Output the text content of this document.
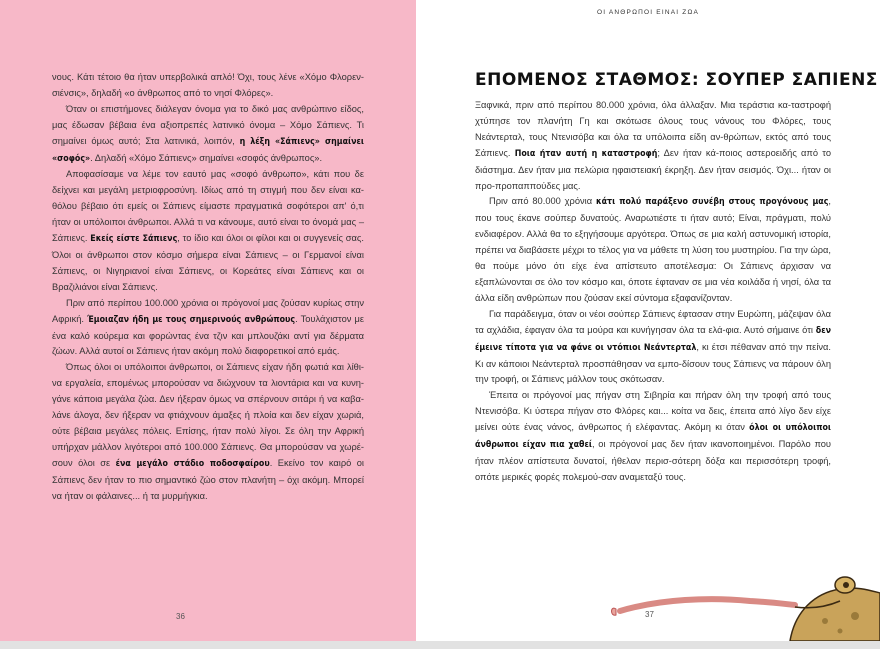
νους. Κάτι τέτοιο θα ήταν υπερβολικά απλό! Όχι, τους λένε «Χόμο Φλορεν-σιένσις», δηλαδή «ο άνθρωπος από το νησί Φλόρες».

Όταν οι επιστήμονες διάλεγαν όνομα για το δικό μας ανθρώπινο είδος, μας έδωσαν βέβαια ένα αξιοπρεπές λατινικό όνομα – Χόμο Σάπιενς. Τι σημαίνει όμως αυτό; Στα λατινικά, λοιπόν, η λέξη «Σάπιενς» σημαίνει «σοφός». Δηλαδή «Χόμο Σάπιενς» σημαίνει «σοφός άνθρωπος».

Αποφασίσαμε να λέμε τον εαυτό μας «σοφό άνθρωπο», κάτι που δε δείχνει και μεγάλη μετριοφροσύνη. Ιδίως από τη στιγμή που δεν είναι κα-θόλου βέβαιο ότι εμείς οι Σάπιενς είμαστε πραγματικά σοφότεροι απ' ό,τι ήταν οι υπόλοιποι άνθρωποι. Αλλά τι να κάνουμε, αυτό είναι το όνομά μας – Σάπιενς. Εκείς είστε Σάπιενς, το ίδιο και όλοι οι φίλοι και οι συγγενείς σας. Όλοι οι άνθρωποι στον κόσμο σήμερα είναι Σάπιενς – οι Γερμανοί είναι Σάπιενς, οι Νιγηριανοί είναι Σάπιενς, οι Κορεάτες είναι Σάπιενς και οι Βραζιλιάνοι είναι Σάπιενς.

Πριν από περίπου 100.000 χρόνια οι πρόγονοί μας ζούσαν κυρίως στην Αφρική. Έμοιαζαν ήδη με τους σημερινούς ανθρώπους. Τουλάχιστον με ένα καλό κούρεμα και φορώντας ένα τζιν και μπλουζάκι αντί για δέρματα ζώων. Αλλά αυτοί οι Σάπιενς ήταν ακόμη πολύ διαφορετικοί από εμάς.

Όπως όλοι οι υπόλοιποι άνθρωποι, οι Σάπιενς είχαν ήδη φωτιά και λίθι-να εργαλεία, επομένως μπορούσαν να διώχνουν τα λιοντάρια και να κυνη-γάνε κάποια μεγάλα ζώα. Δεν ήξεραν όμως να σπέρνουν σιτάρι ή να καβα-λάνε άλογα, δεν ήξεραν να φτιάχνουν άμαξες ή πλοία και δεν είχαν χωριά, ούτε βέβαια μεγάλες πόλεις. Επίσης, ήταν πολύ λίγοι. Σε όλη την Αφρική υπήρχαν μάλλον λιγότεροι από 100.000 Σάπιενς. Θα μπορούσαν να χωρέ-σουν όλοι σε ένα μεγάλο στάδιο ποδοσφαίρου. Εκείνο τον καιρό οι Σάπιενς δεν ήταν το πιο σημαντικό ζώο στον πλανήτη – όχι ακόμη. Μπορεί να ήταν οι φάλαινες... ή τα μυρμήγκια.

36
ΟΙ ΑΝΘΡΩΠΟΙ ΕΙΝΑΙ ΖΩΑ
ΕΠΟΜΕΝΟΣ ΣΤΑΘΜΟΣ: ΣΟΥΠΕΡ ΣΑΠΙΕΝΣ

Ξαφνικά, πριν από περίπου 80.000 χρόνια, όλα άλλαξαν. Μια τεράστια κα-ταστροφή χτύπησε τον πλανήτη Γη και σκότωσε όλους τους νάνους του Φλόρες, τους Νεάντερταλ, τους Ντενισόβα και όλα τα υπόλοιπα είδη αν-θρώπων, εκτός από τους Σάπιενς. Ποια ήταν αυτή η καταστροφή; Δεν ήταν κά-ποιος αστεροειδής από το διάστημα. Δεν ήταν μια πελώρια ηφαιστειακή έκρηξη. Δεν ήταν σεισμός. Όχι... ήταν οι προ-προπαππούδες μας.

Πριν από 80.000 χρόνια κάτι πολύ παράξενο συνέβη στους προγόνους μας, που τους έκανε σούπερ δυνατούς. Αναρωτιέστε τι ήταν αυτό; Είναι, πράγματι, πολύ ενδιαφέρον. Αλλά θα το εξηγήσουμε αργότερα. Όπως σε μια καλή αστυνομική ιστορία, πρέπει να διαβάσετε μέχρι το τέλος για να μάθετε τη λύση του μυστηρίου. Για την ώρα, θα πούμε μόνο ότι είχε ένα απίστευτο αποτέλεσμα: Οι Σάπιενς άρχισαν να εξαπλώνονται σε όλο τον κόσμο και, όποτε έφταναν σε μια νέα κοιλάδα ή νησί, όλα τα άλλα είδη ανθρώπων που ζούσαν εκεί σύντομα εξαφανίζονταν.

Για παράδειγμα, όταν οι νέοι σούπερ Σάπιενς έφτασαν στην Ευρώπη, μάζεψαν όλα τα αχλάδια, έφαγαν όλα τα μούρα και κυνήγησαν όλα τα ελά-φια. Αυτό σήμαινε ότι δεν έμεινε τίποτα για να φάνε οι ντόπιοι Νεάντερταλ, κι έτσι πέθαναν από την πείνα. Κι αν κάποιοι Νεάντερταλ προσπάθησαν να εμπο-δίσουν τους Σάπιενς να πάρουν όλη την τροφή, οι Σάπιενς μάλλον τους σκότωσαν.

Έπειτα οι πρόγονοί μας πήγαν στη Σιβηρία και πήραν όλη την τροφή από τους Ντενισόβα. Κι ύστερα πήγαν στο Φλόρες και... κοίτα να δεις, έπειτα από λίγο δεν είχε μείνει ούτε ένας νάνος, άνθρωπος ή ελέφαντας. Ακόμη κι όταν όλοι οι υπόλοιποι άνθρωποι είχαν πια χαθεί, οι πρόγονοί μας δεν ήταν ικανοποιημένοι. Παρόλο που ήταν πλέον απίστευτα δυνατοί, ήθελαν περισ-σότερη δόξα και περισσότερη τροφή, οπότε μερικές φορές πολεμού-σαν αναμεταξύ τους.

37
